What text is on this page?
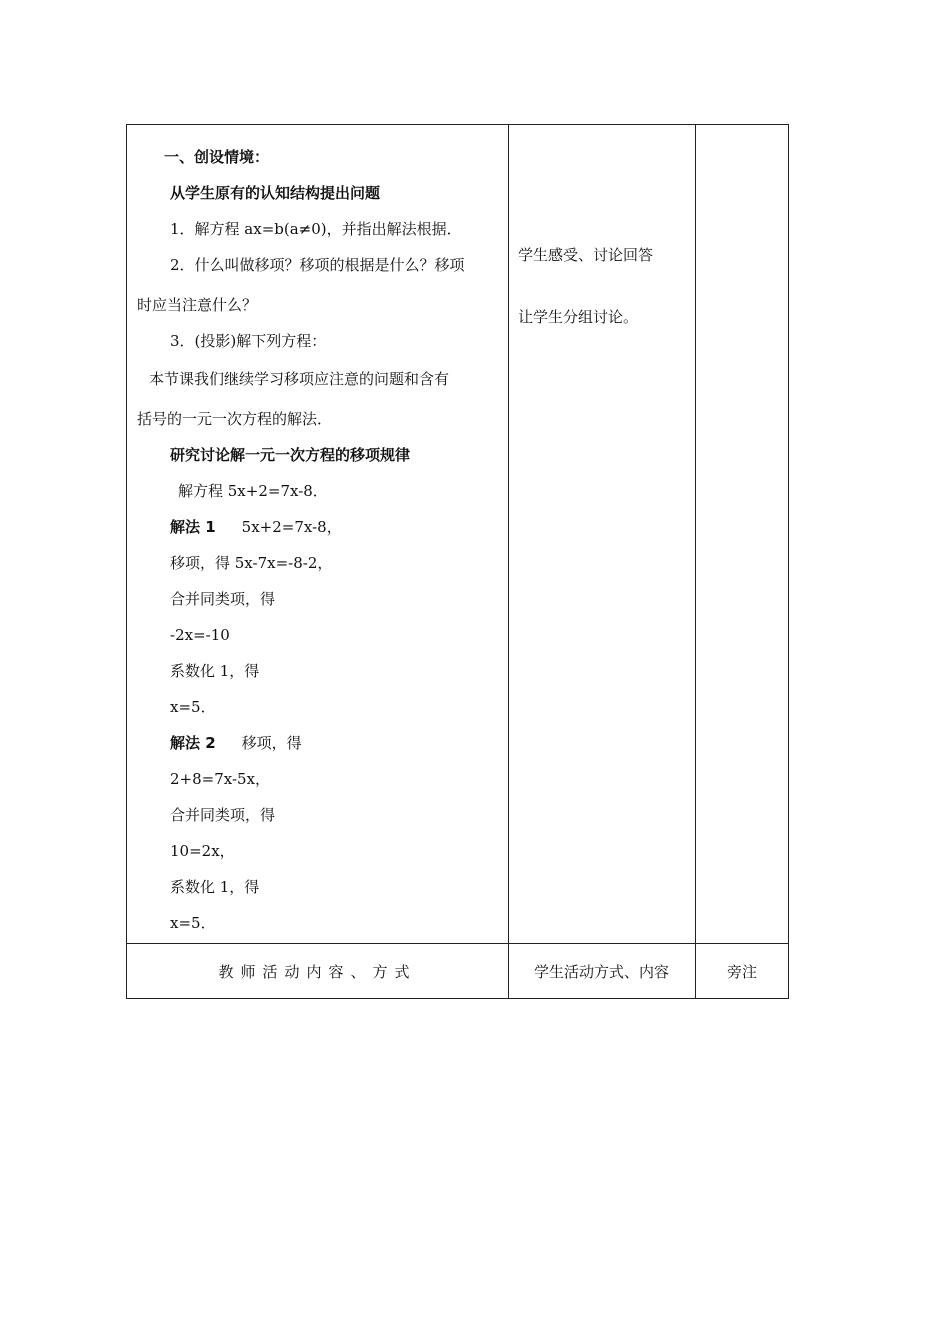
一、创设情境：
从学生原有的认知结构提出问题
1．解方程 ax=b(a≠0)，并指出解法根据．
2．什么叫做移项？移项的根据是什么？移项
时应当注意什么？
3．(投影)解下列方程：
本节课我们继续学习移项应注意的问题和含有
括号的一元一次方程的解法．
研究讨论解一元一次方程的移项规律
解方程 5x+2=7x-8．
解法 1 5x+2=7x-8，
移项，得 5x-7x=-8-2，
合并同类项，得
-2x=-10
系数化 1，得
x=5．
解法 2 移项，得
2+8=7x-5x，
合并同类项，得
10=2x，
系数化 1，得
x=5．
学生感受、讨论回答
让学生分组讨论。
教师活动内容、方式	学生活动方式、内容	旁注
